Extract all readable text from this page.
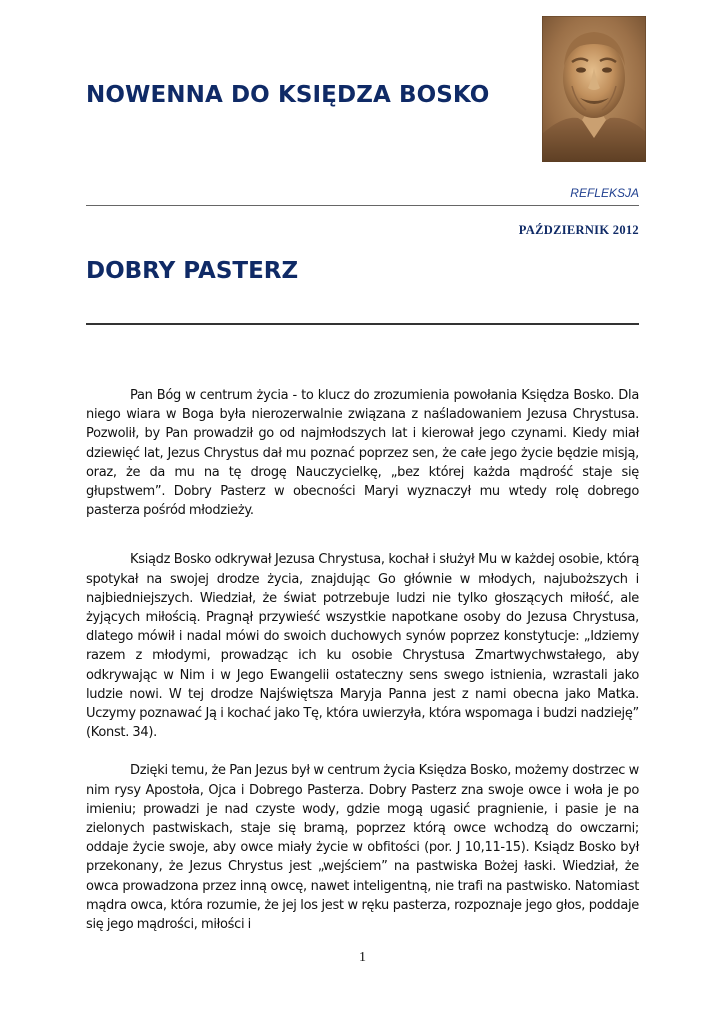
NOWENNA DO KSIĘDZA BOSKO
REFLEKSJA
PAŹDZIERNIK 2012
DOBRY PASTERZ

Pan Bóg w centrum życia - to klucz do zrozumienia powołania Księdza Bosko. Dla niego wiara w Boga była nierozerwalnie związana z naśladowaniem Jezusa Chrystusa. Pozwolił, by Pan prowadził go od najmłodszych lat i kierował jego czynami. Kiedy miał dziewięć lat, Jezus Chrystus dał mu poznać poprzez sen, że całe jego życie będzie misją, oraz, że da mu na tę drogę Nauczycielkę, „bez której każda mądrość staje się głupstwem”. Dobry Pasterz w obecności Maryi wyznaczył mu wtedy rolę dobrego pasterza pośród młodzieży.

Ksiądz Bosko odkrywał Jezusa Chrystusa, kochał i służył Mu w każdej osobie, którą spotykał na swojej drodze życia, znajdując Go głównie w młodych, najuboższych i najbiedniejszych. Wiedział, że świat potrzebuje ludzi nie tylko głoszących miłość, ale żyjących miłością. Pragnął przywieść wszystkie napotkane osoby do Jezusa Chrystusa, dlatego mówił i nadal mówi do swoich duchowych synów poprzez konstytucje: „Idziemy razem z młodymi, prowadząc ich ku osobie Chrystusa Zmartwychwstałego, aby odkrywając w Nim i w Jego Ewangelii ostateczny sens swego istnienia, wzrastali jako ludzie nowi. W tej drodze Najświętsza Maryja Panna jest z nami obecna jako Matka. Uczymy poznawać Ją i kochać jako Tę, która uwierzyła, która wspomaga i budzi nadzieję” (Konst. 34).

Dzięki temu, że Pan Jezus był w centrum życia Księdza Bosko, możemy dostrzec w nim rysy Apostoła, Ojca i Dobrego Pasterza. Dobry Pasterz zna swoje owce i woła je po imieniu; prowadzi je nad czyste wody, gdzie mogą ugasić pragnienie, i pasie je na zielonych pastwiskach, staje się bramą, poprzez którą owce wchodzą do owczarni; oddaje życie swoje, aby owce miały życie w obfitości (por. J 10,11-15). Ksiądz Bosko był przekonany, że Jezus Chrystus jest „wejściem” na pastwiska Bożej łaski. Wiedział, że owca prowadzona przez inną owcę, nawet inteligentną, nie trafi na pastwisko. Natomiast mądra owca, która rozumie, że jej los jest w ręku pasterza, rozpoznaje jego głos, poddaje się jego mądrości, miłości i

1
